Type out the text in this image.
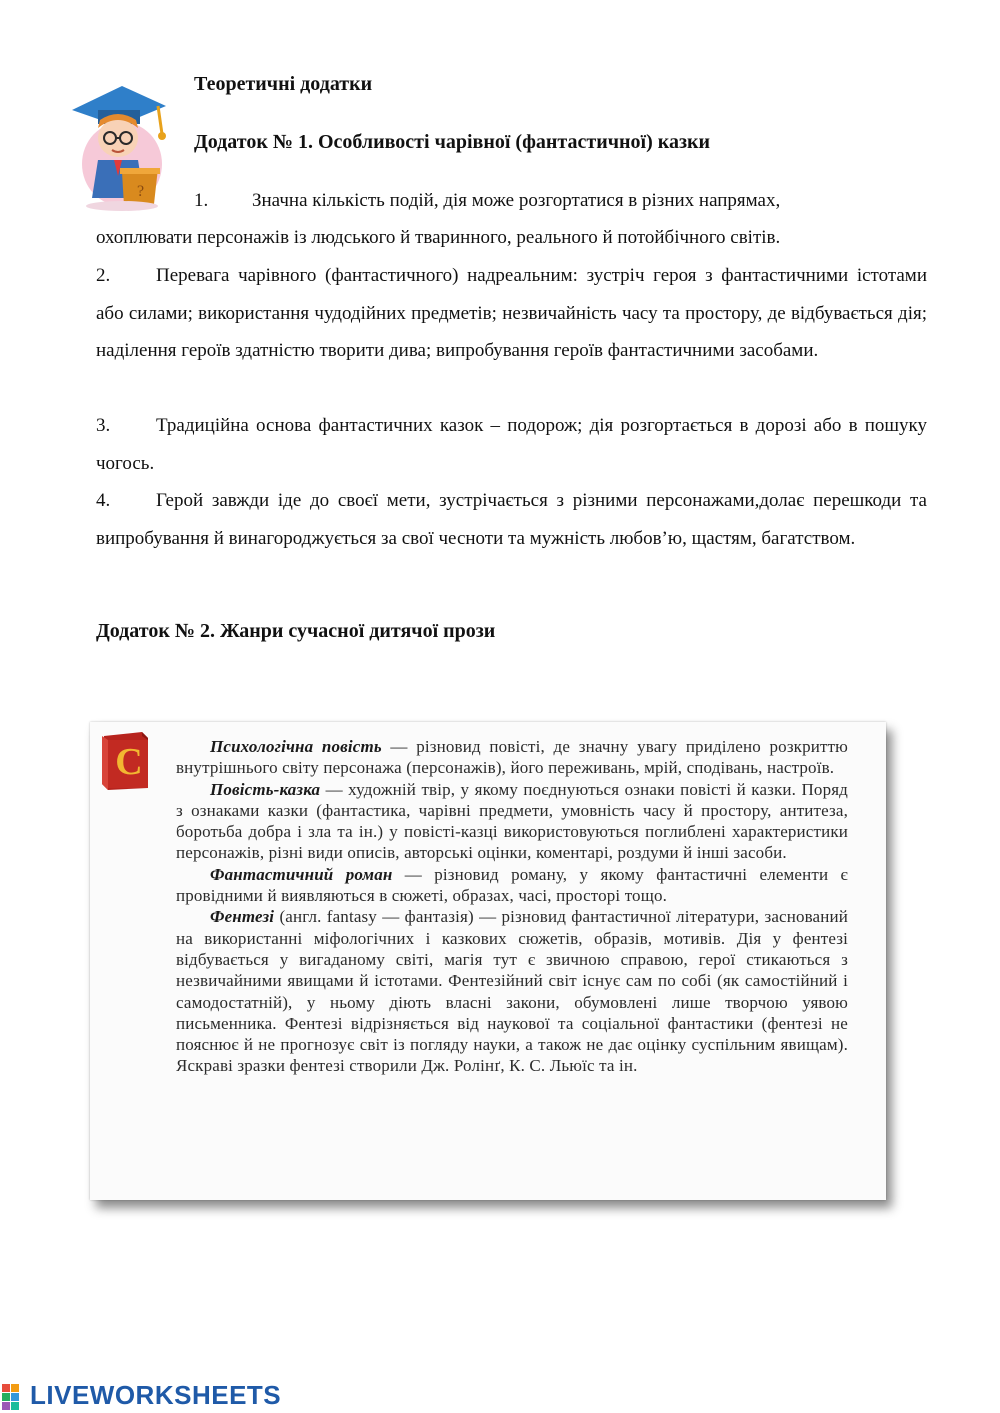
?
Теоретичні додатки
Додаток № 1. Особливості чарівної (фантастичної) казки
1. Значна кількість подій, дія може розгортатися в різних напрямах,
охоплювати персонажів із людського й тваринного, реального й потойбічного світів.
2. Перевага чарівного (фантастичного) надреальним: зустріч героя з фантастичними істотами або силами; використання чудодійних предметів; незвичайність часу та простору, де відбувається дія; наділення героїв здатністю творити дива; випробування героїв фантастичними засобами.
3. Традиційна основа фантастичних казок – подорож; дія розгортається в дорозі або в пошуку чогось.
4. Герой завжди іде до своєї мети, зустрічається з різними персонажами,долає перешкоди та випробування й винагороджується за свої чесноти та мужність любов’ю, щастям, багатством.
Додаток № 2. Жанри сучасної дитячої прози
С	Психологічна повість — різновид повісті, де значну увагу приділено розкриттю внутрішнього світу персонажа (персонажів), його переживань, мрій, сподівань, настроїв.

Повість-казка — художній твір, у якому поєднуються ознаки повісті й казки. Поряд з ознаками казки (фантастика, чарівні предмети, умовність часу й простору, антитеза, боротьба добра і зла та ін.) у повісті-казці використовуються поглиблені характеристики персонажів, різні види описів, авторські оцінки, коментарі, роздуми й інші засоби.

Фантастичний роман — різновид роману, у якому фантастичні елементи є провідними й виявляються в сюжеті, образах, часі, просторі тощо.

Фентезі (англ. fantasy — фантазія) — різновид фантастичної літератури, заснований на використанні міфологічних і казкових сюжетів, образів, мотивів. Дія у фентезі відбувається у вигаданому світі, магія тут є звичною справою, герої стикаються з незвичайними явищами й істотами. Фентезійний світ існує сам по собі (як самостійний і самодостатній), у ньому діють власні закони, обумовлені лише творчою уявою письменника. Фентезі відрізняється від наукової та соціальної фантастики (фентезі не пояснює й не прогнозує світ із погляду науки, а також не дає оцінку суспільним явищам). Яскраві зразки фентезі створили Дж. Ролінґ, К. С. Льюїс та ін.

LIVEWORKSHEETS
